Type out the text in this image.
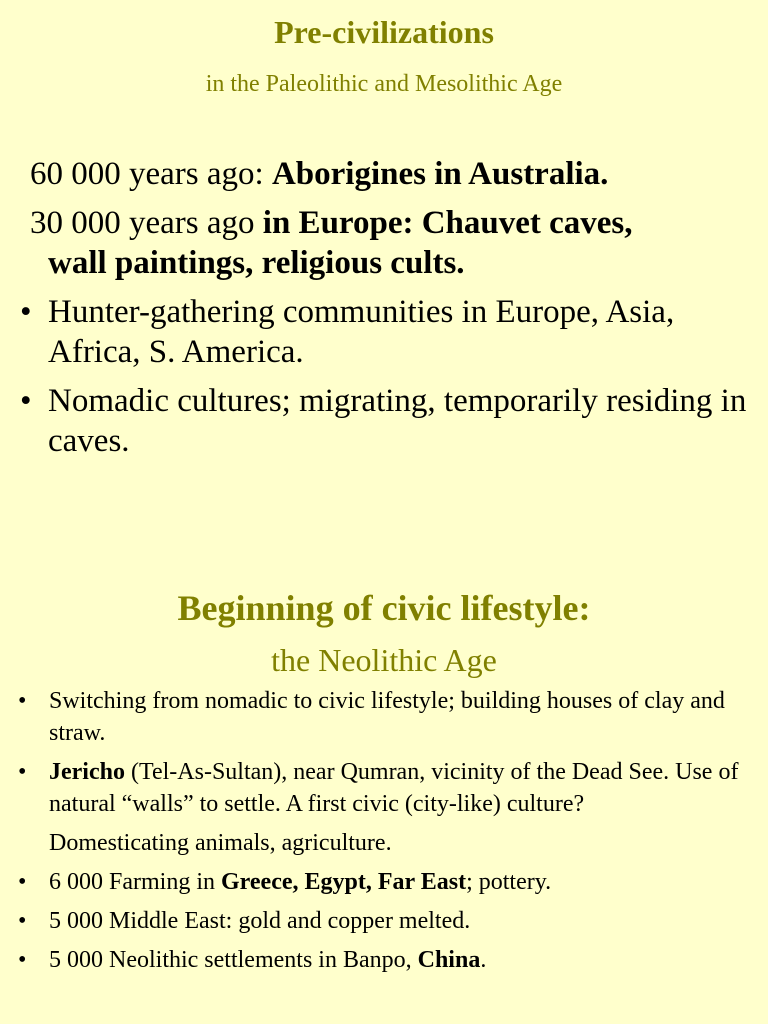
Pre-civilizations
in the Paleolithic and Mesolithic Age
60 000 years ago: Aborigines in Australia.
30 000 years ago in Europe: Chauvet caves,
wall paintings, religious cults.
• Hunter-gathering communities in Europe, Asia, Africa, S. America.
• Nomadic cultures; migrating, temporarily residing in caves.
Beginning of civic lifestyle:
the Neolithic Age
• Switching from nomadic to civic lifestyle; building houses of clay and straw.
• Jericho (Tel-As-Sultan), near Qumran, vicinity of the Dead See. Use of natural “walls” to settle. A first civic (city-like) culture?
Domesticating animals, agriculture.
• 6 000 Farming in Greece, Egypt, Far East; pottery.
• 5 000 Middle East: gold and copper melted.
• 5 000 Neolithic settlements in Banpo, China.
